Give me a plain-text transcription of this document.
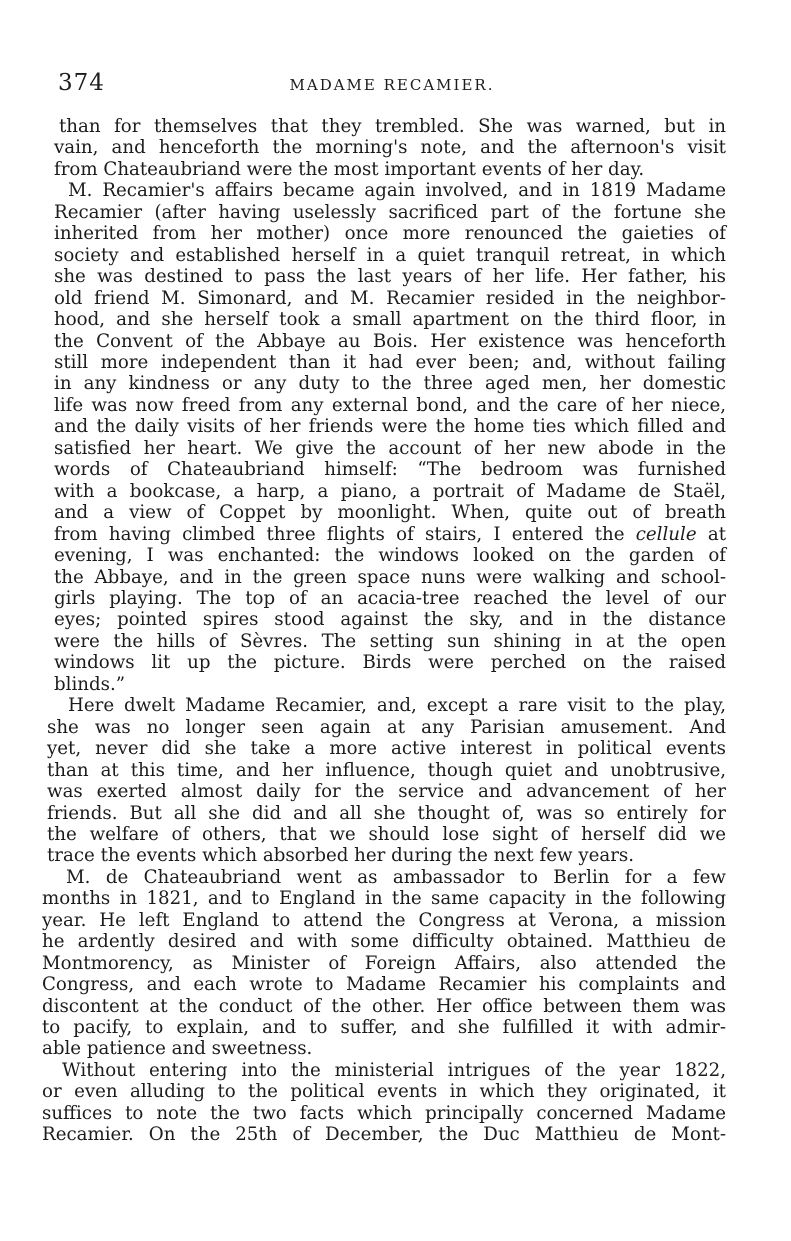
374	MADAME RECAMIER.
than for themselves that they trembled. She was warned, but in
vain, and henceforth the morning's note, and the afternoon's visit
from Chateaubriand were the most important events of her day.
M. Recamier's affairs became again involved, and in 1819 Madame
Recamier (after having uselessly sacrificed part of the fortune she
inherited from her mother) once more renounced the gaieties of
society and established herself in a quiet tranquil retreat, in which
she was destined to pass the last years of her life. Her father, his
old friend M. Simonard, and M. Recamier resided in the neighbor-
hood, and she herself took a small apartment on the third floor, in
the Convent of the Abbaye au Bois. Her existence was henceforth
still more independent than it had ever been; and, without failing
in any kindness or any duty to the three aged men, her domestic
life was now freed from any external bond, and the care of her niece,
and the daily visits of her friends were the home ties which filled and
satisfied her heart. We give the account of her new abode in the
words of Chateaubriand himself: “The bedroom was furnished
with a bookcase, a harp, a piano, a portrait of Madame de Staël,
and a view of Coppet by moonlight. When, quite out of breath
from having climbed three flights of stairs, I entered the cellule at
evening, I was enchanted: the windows looked on the garden of
the Abbaye, and in the green space nuns were walking and school-
girls playing. The top of an acacia-tree reached the level of our
eyes; pointed spires stood against the sky, and in the distance
were the hills of Sèvres. The setting sun shining in at the open
windows lit up the picture. Birds were perched on the raised
blinds.”
Here dwelt Madame Recamier, and, except a rare visit to the play,
she was no longer seen again at any Parisian amusement. And
yet, never did she take a more active interest in political events
than at this time, and her influence, though quiet and unobtrusive,
was exerted almost daily for the service and advancement of her
friends. But all she did and all she thought of, was so entirely for
the welfare of others, that we should lose sight of herself did we
trace the events which absorbed her during the next few years.
M. de Chateaubriand went as ambassador to Berlin for a few
months in 1821, and to England in the same capacity in the following
year. He left England to attend the Congress at Verona, a mission
he ardently desired and with some difficulty obtained. Matthieu de
Montmorency, as Minister of Foreign Affairs, also attended the
Congress, and each wrote to Madame Recamier his complaints and
discontent at the conduct of the other. Her office between them was
to pacify, to explain, and to suffer, and she fulfilled it with admir-
able patience and sweetness.
Without entering into the ministerial intrigues of the year 1822,
or even alluding to the political events in which they originated, it
suffices to note the two facts which principally concerned Madame
Recamier. On the 25th of December, the Duc Matthieu de Mont-
